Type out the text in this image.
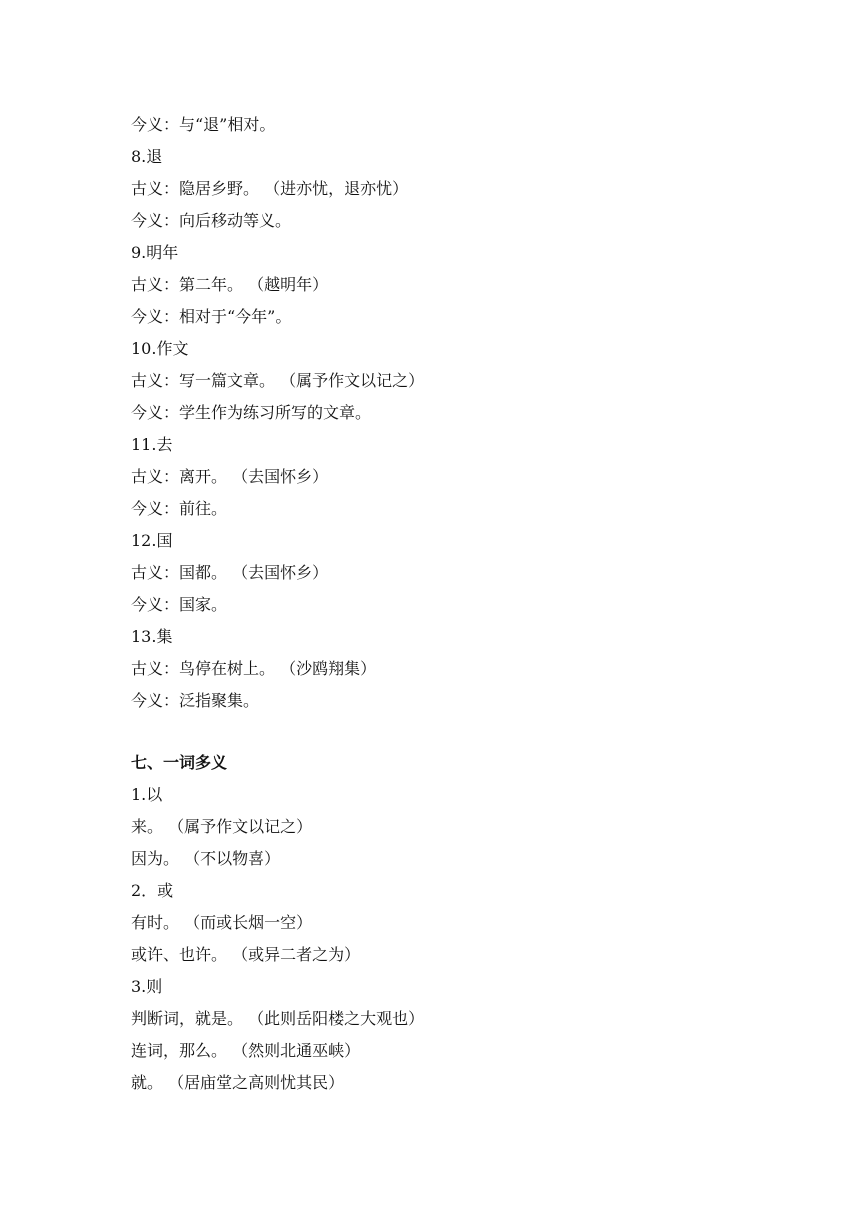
今义：与“退”相对。
8.退
古义：隐居乡野。 （进亦忧，退亦忧）
今义：向后移动等义。
9.明年
古义：第二年。 （越明年）
今义：相对于“今年”。
10.作文
古义：写一篇文章。 （属予作文以记之）
今义：学生作为练习所写的文章。
11.去
古义：离开。 （去国怀乡）
今义：前往。
12.国
古义：国都。 （去国怀乡）
今义：国家。
13.集
古义：鸟停在树上。 （沙鸥翔集）
今义：泛指聚集。
七、一词多义
1.以
来。 （属予作文以记之）
因为。 （不以物喜）
2．或
有时。 （而或长烟一空）
或许、也许。 （或异二者之为）
3.则
判断词，就是。 （此则岳阳楼之大观也）
连词，那么。 （然则北通巫峡）
就。 （居庙堂之高则忧其民）
